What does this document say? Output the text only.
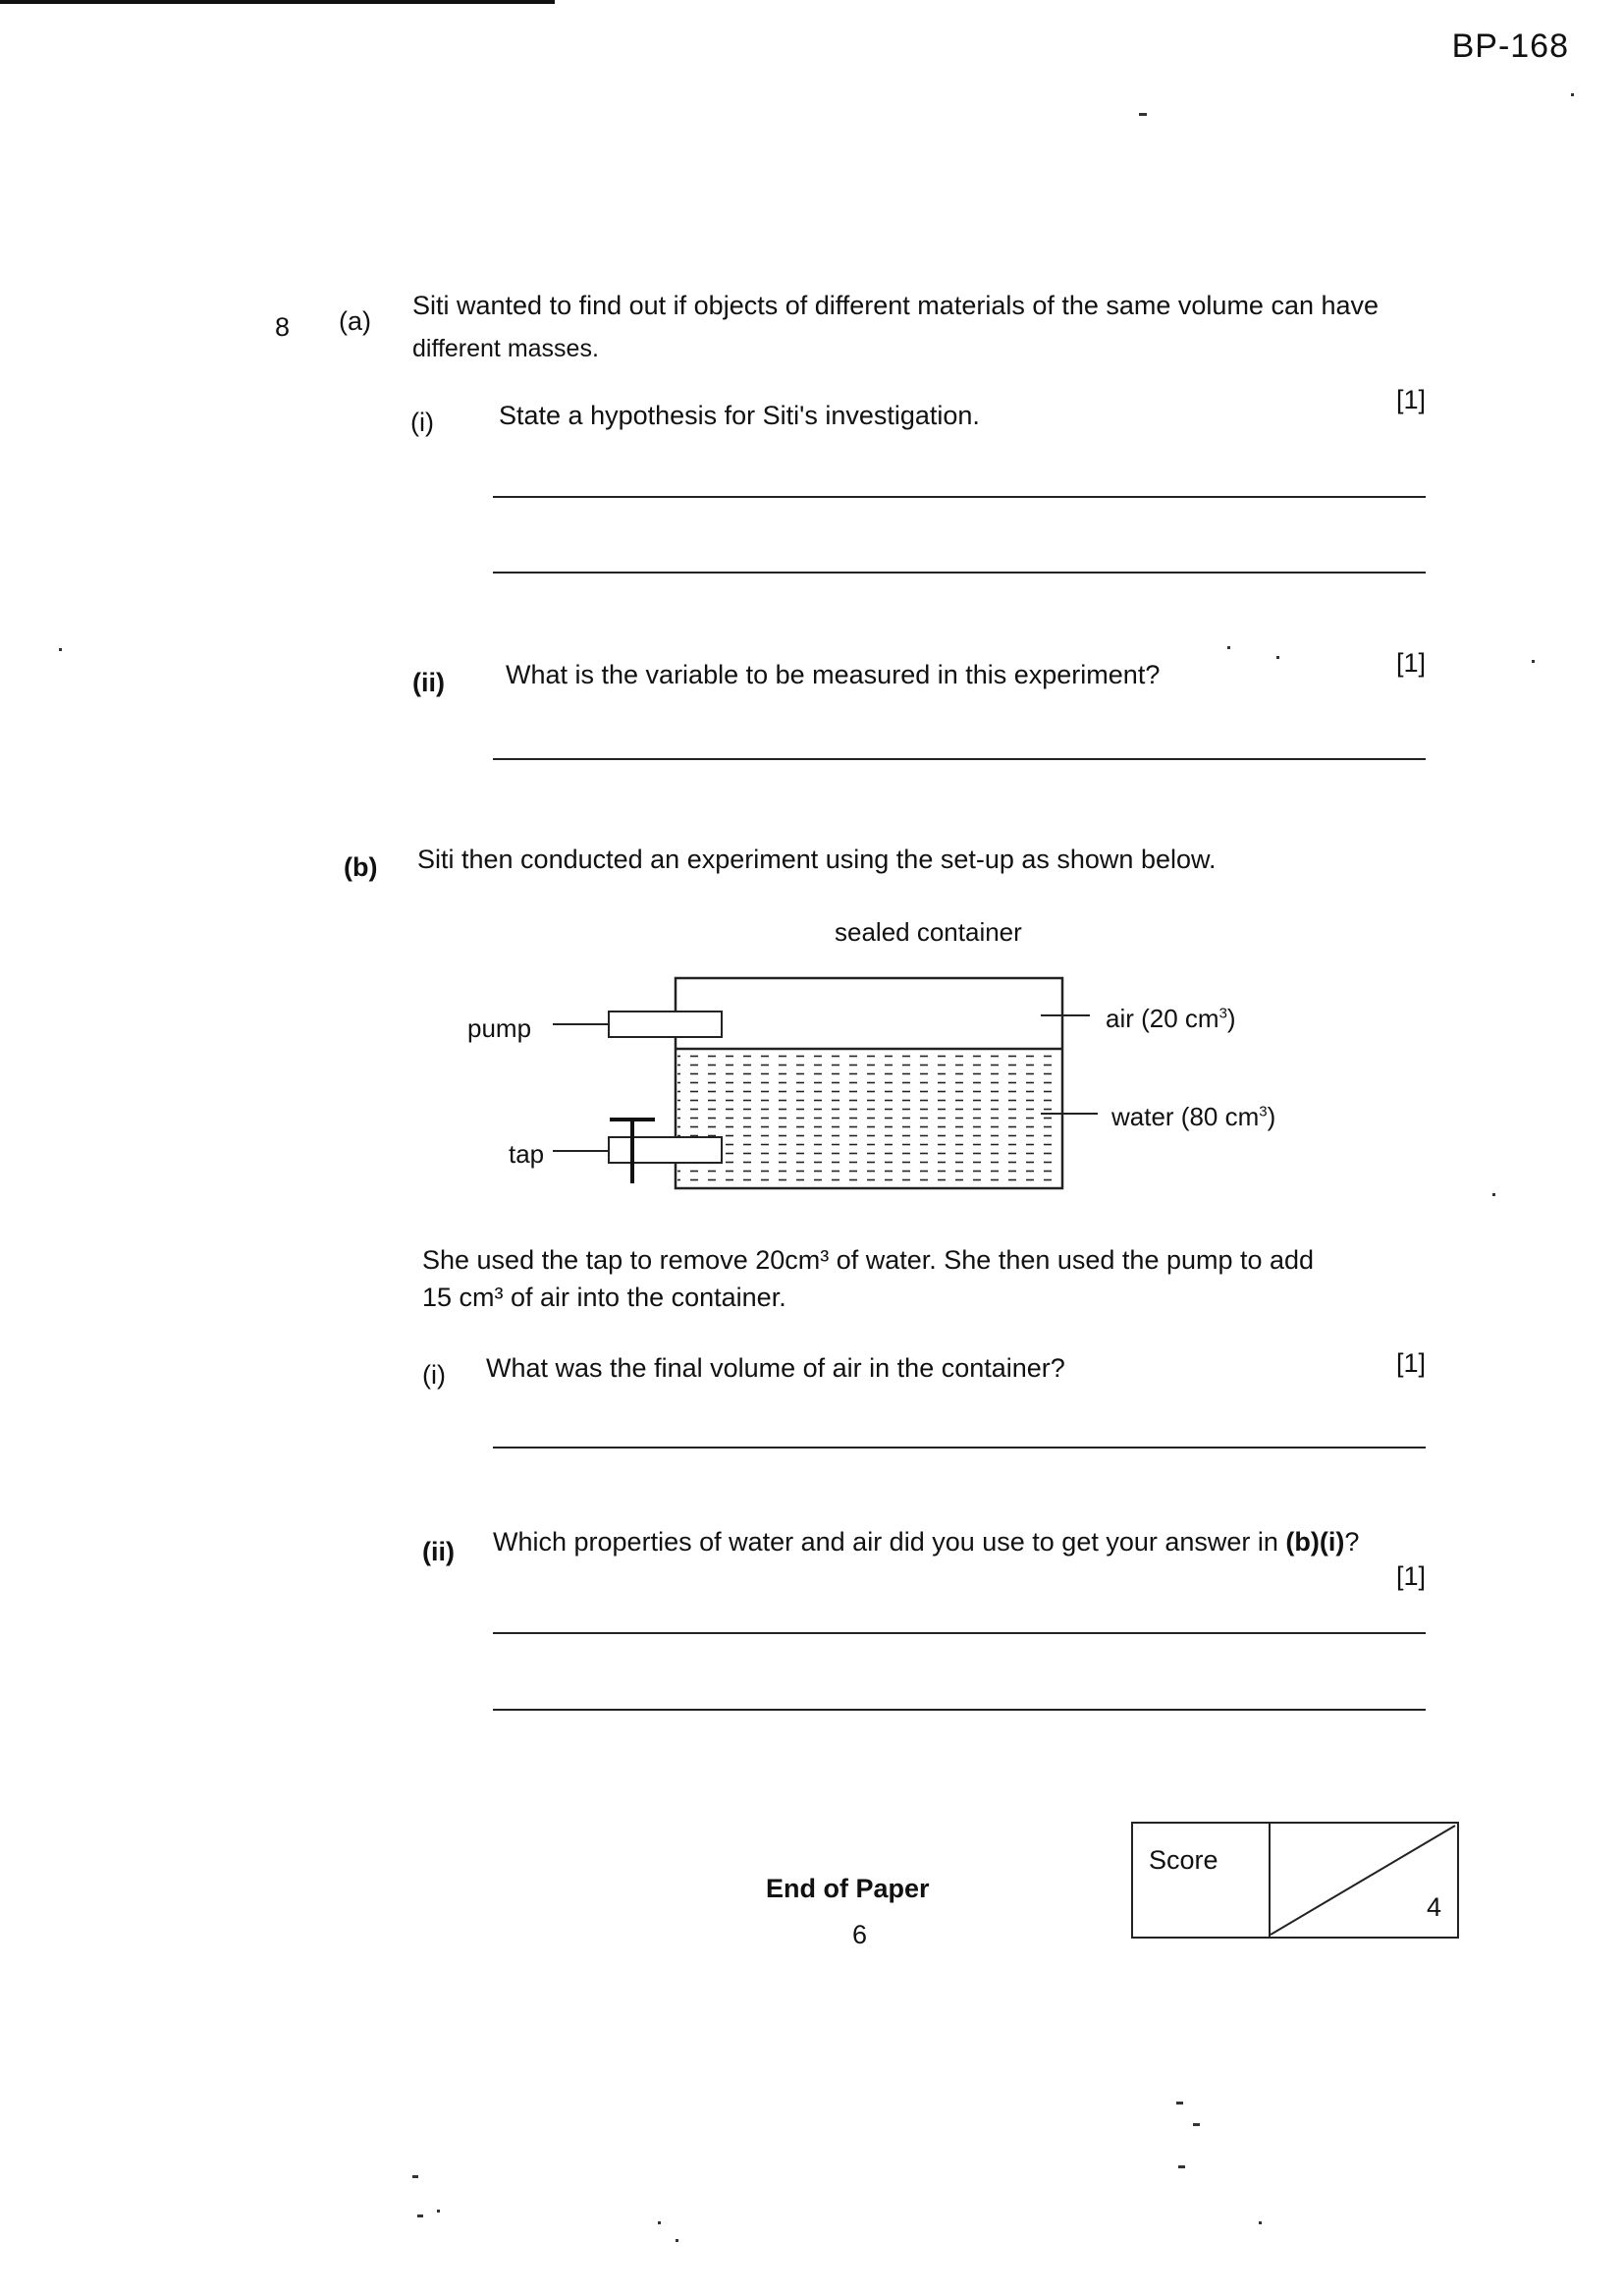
BP-168
8 (a)
Siti wanted to find out if objects of different materials of the same volume can have
different masses.
(i) State a hypothesis for Siti's investigation.
[1]
(ii) What is the variable to be measured in this experiment?	[1]
(b) Siti then conducted an experiment using the set-up as shown below.
sealed container
pump
tap
air (20 $cm^3$)
water (80 $cm^3$)
She used the tap to remove 20cm³ of water. She then used the pump to add
15 cm³ of air into the container.
(i) What was the final volume of air in the container?	[1]
(ii) Which properties of water and air did you use to get your answer in (b)(i)?
[1]
End of Paper
6
Score
4
